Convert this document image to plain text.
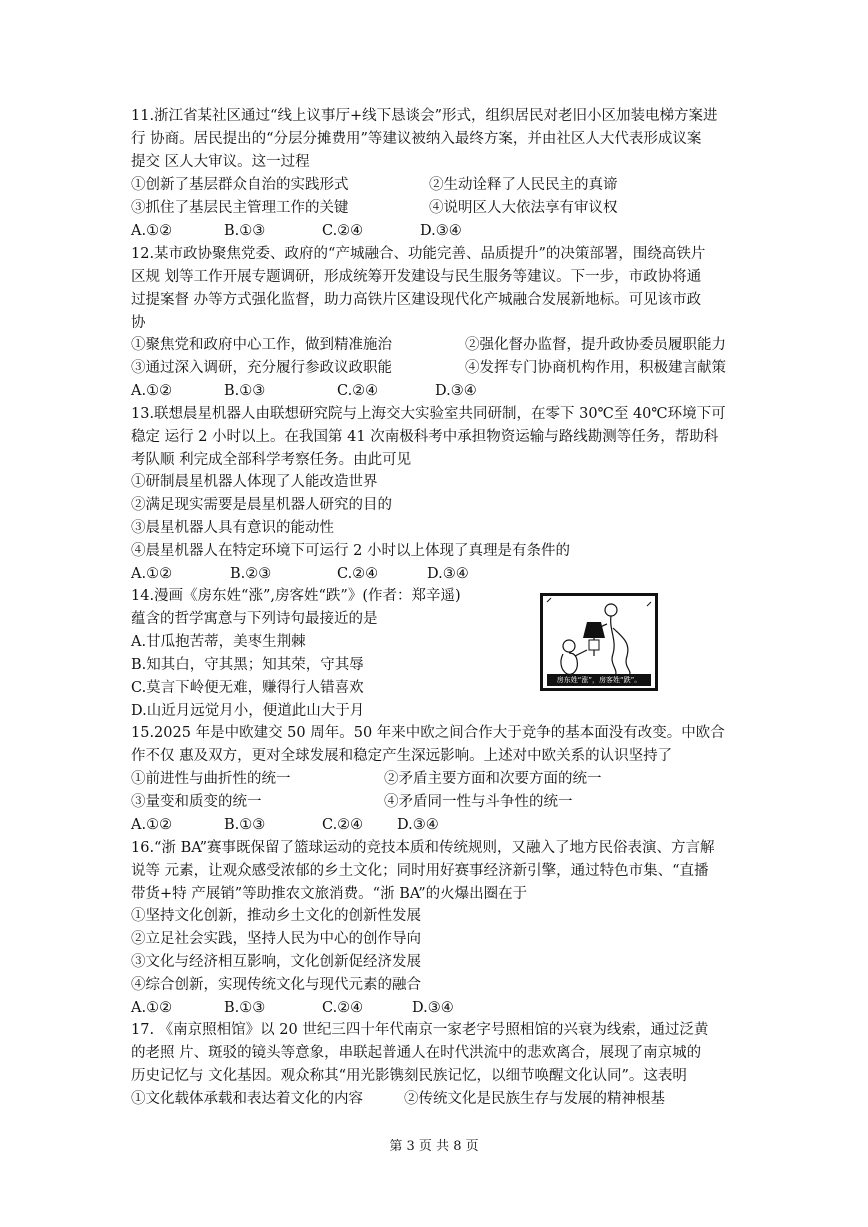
11.浙江省某社区通过“线上议事厅+线下恳谈会”形式，组织居民对老旧小区加装电梯方案进
行 协商。居民提出的“分层分摊费用”等建议被纳入最终方案，并由社区人大代表形成议案
提交 区人大审议。这一过程
①创新了基层群众自治的实践形式	②生动诠释了人民民主的真谛
③抓住了基层民主管理工作的关键	④说明区人大依法享有审议权
A.①②	B.①③	C.②④	D.③④
12.某市政协聚焦党委、政府的“产城融合、功能完善、品质提升”的决策部署，围绕高铁片
区规 划等工作开展专题调研，形成统筹开发建设与民生服务等建议。下一步，市政协将通
过提案督 办等方式强化监督，助力高铁片区建设现代化产城融合发展新地标。可见该市政
协
①聚焦党和政府中心工作，做到精准施治	②强化督办监督，提升政协委员履职能力
③通过深入调研，充分履行参政议政职能	④发挥专门协商机构作用，积极建言献策
A.①②	B.①③	C.②④	D.③④
13.联想晨星机器人由联想研究院与上海交大实验室共同研制，在零下 30℃至 40℃环境下可
稳定 运行 2 小时以上。在我国第 41 次南极科考中承担物资运输与路线勘测等任务，帮助科
考队顺 利完成全部科学考察任务。由此可见
①研制晨星机器人体现了人能改造世界
②满足现实需要是晨星机器人研究的目的
③晨星机器人具有意识的能动性
④晨星机器人在特定环境下可运行 2 小时以上体现了真理是有条件的
A.①②	B.②③	C.②④	D.③④
14.漫画《房东姓“涨”,房客姓“跌”》(作者：郑辛遥)
蕴含的哲学寓意与下列诗句最接近的是
A.甘瓜抱苦蒂，美枣生荆棘
B.知其白，守其黑；知其荣，守其辱
C.莫言下岭便无难，赚得行人错喜欢
D.山近月远觉月小，便道此山大于月
房东姓“涨”，房客姓“跌”。
15.2025 年是中欧建交 50 周年。50 年来中欧之间合作大于竞争的基本面没有改变。中欧合
作不仅 惠及双方，更对全球发展和稳定产生深远影响。上述对中欧关系的认识坚持了
①前进性与曲折性的统一	②矛盾主要方面和次要方面的统一
③量变和质变的统一	④矛盾同一性与斗争性的统一
A.①②	B.①③	C.②④ D.③④
16.“浙 BA”赛事既保留了篮球运动的竞技本质和传统规则，又融入了地方民俗表演、方言解
说等 元素，让观众感受浓郁的乡土文化；同时用好赛事经济新引擎，通过特色市集、“直播
带货+特 产展销”等助推农文旅消费。“浙 BA”的火爆出圈在于
①坚持文化创新，推动乡土文化的创新性发展
②立足社会实践，坚持人民为中心的创作导向
③文化与经济相互影响，文化创新促经济发展
④综合创新，实现传统文化与现代元素的融合
A.①②	B.①③	C.②④	D.③④
17. 《南京照相馆》以 20 世纪三四十年代南京一家老字号照相馆的兴衰为线索，通过泛黄
的老照 片、斑驳的镜头等意象，串联起普通人在时代洪流中的悲欢离合，展现了南京城的
历史记忆与 文化基因。观众称其“用光影镌刻民族记忆，以细节唤醒文化认同”。这表明
①文化载体承载和表达着文化的内容	②传统文化是民族生存与发展的精神根基
第 3 页 共 8 页
